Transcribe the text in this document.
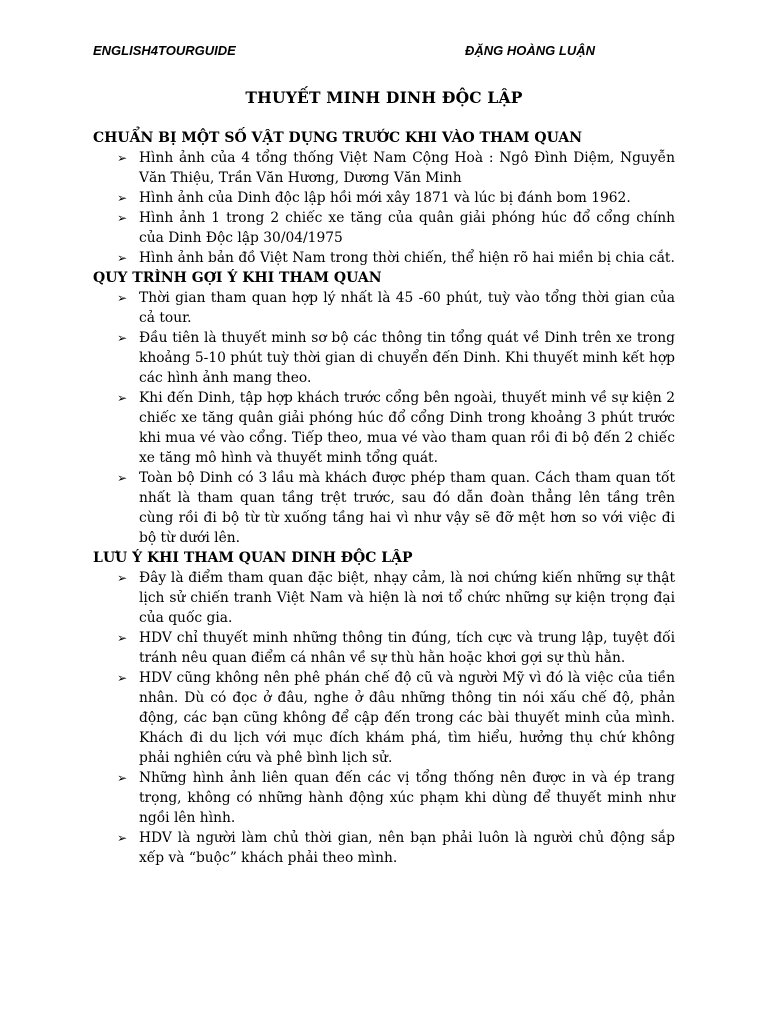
ENGLISH4TOURGUIDE	ĐẶNG HOÀNG LUẬN
THUYẾT MINH DINH ĐỘC LẬP
CHUẨN BỊ MỘT SỐ VẬT DỤNG TRƯỚC KHI VÀO THAM QUAN
➢ Hình ảnh của 4 tổng thống Việt Nam Cộng Hoà : Ngô Đình Diệm, Nguyễn Văn Thiệu, Trần Văn Hương, Dương Văn Minh
➢ Hình ảnh của Dinh độc lập hồi mới xây 1871 và lúc bị đánh bom 1962.
➢ Hình ảnh 1 trong 2 chiếc xe tăng của quân giải phóng húc đổ cổng chính của Dinh Độc lập 30/04/1975
➢ Hình ảnh bản đồ Việt Nam trong thời chiến, thể hiện rõ hai miền bị chia cắt.
QUY TRÌNH GỢI Ý KHI THAM QUAN
➢ Thời gian tham quan hợp lý nhất là 45 -60 phút, tuỳ vào tổng thời gian của cả tour.
➢ Đầu tiên là thuyết minh sơ bộ các thông tin tổng quát về Dinh trên xe trong khoảng 5-10 phút tuỳ thời gian di chuyển đến Dinh. Khi thuyết minh kết hợp các hình ảnh mang theo.
➢ Khi đến Dinh, tập hợp khách trước cổng bên ngoài, thuyết minh về sự kiện 2 chiếc xe tăng quân giải phóng húc đổ cổng Dinh trong khoảng 3 phút trước khi mua vé vào cổng. Tiếp theo, mua vé vào tham quan rồi đi bộ đến 2 chiếc xe tăng mô hình và thuyết minh tổng quát.
➢ Toàn bộ Dinh có 3 lầu mà khách được phép tham quan. Cách tham quan tốt nhất là tham quan tầng trệt trước, sau đó dẫn đoàn thẳng lên tầng trên cùng rồi đi bộ từ từ xuống tầng hai vì như vậy sẽ đỡ mệt hơn so với việc đi bộ từ dưới lên.
LƯU Ý KHI THAM QUAN DINH ĐỘC LẬP
➢ Đây là điểm tham quan đặc biệt, nhạy cảm, là nơi chứng kiến những sự thật lịch sử chiến tranh Việt Nam và hiện là nơi tổ chức những sự kiện trọng đại của quốc gia.
➢ HDV chỉ thuyết minh những thông tin đúng, tích cực và trung lập, tuyệt đối tránh nêu quan điểm cá nhân về sự thù hằn hoặc khơi gợi sự thù hằn.
➢ HDV cũng không nên phê phán chế độ cũ và người Mỹ vì đó là việc của tiền nhân. Dù có đọc ở đâu, nghe ở đâu những thông tin nói xấu chế độ, phản động, các bạn cũng không để cập đến trong các bài thuyết minh của mình. Khách đi du lịch với mục đích khám phá, tìm hiểu, hưởng thụ chứ không phải nghiên cứu và phê bình lịch sử.
➢ Những hình ảnh liên quan đến các vị tổng thống nên được in và ép trang trọng, không có những hành động xúc phạm khi dùng để thuyết minh như ngồi lên hình.
➢ HDV là người làm chủ thời gian, nên bạn phải luôn là người chủ động sắp xếp và “buộc” khách phải theo mình.
